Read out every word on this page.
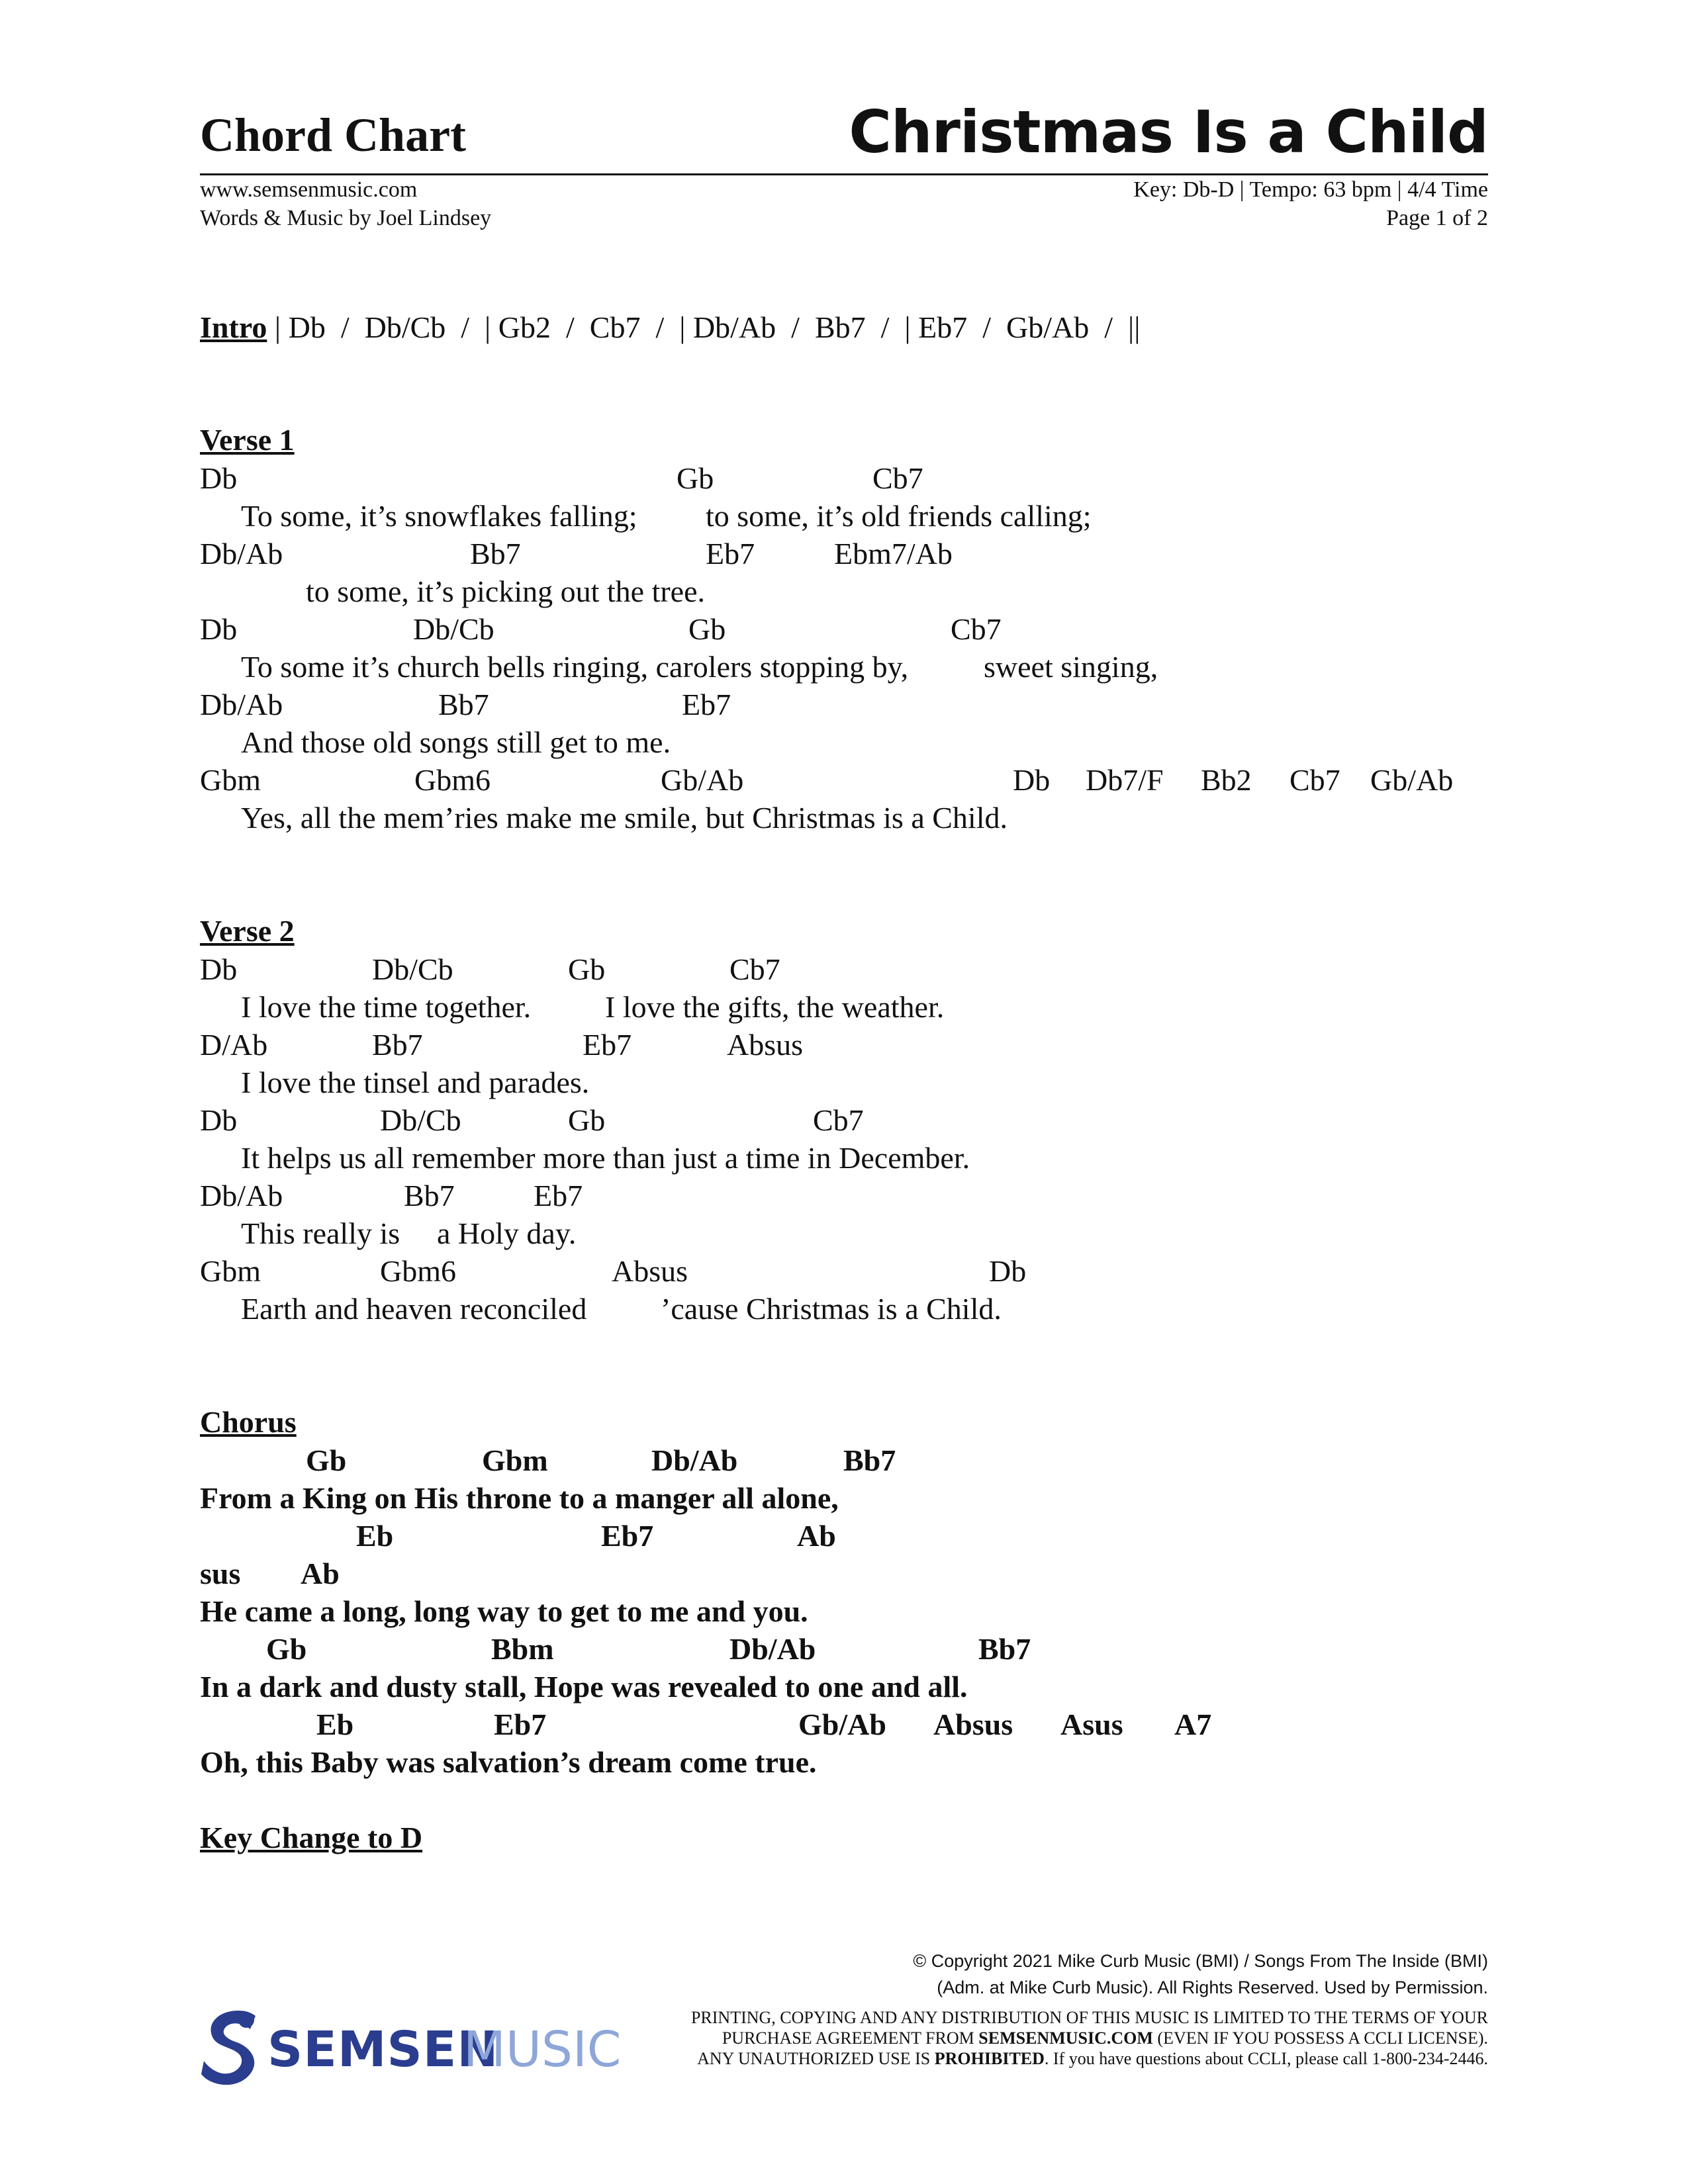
Chord Chart	Christmas Is a Child
www.semsenmusic.com
Words & Music by Joel Lindsey
Key: Db-D | Tempo: 63 bpm | 4/4 Time
Page 1 of 2
Intro | Db  /  Db/Cb  /  | Gb2  /  Cb7  /  | Db/Ab  /  Bb7  /  | Eb7  /  Gb/Ab  /  ||
Verse 1
Db	Gb	Cb7
To some, it’s snowflakes falling; to some, it’s old friends calling;
Db/Ab	Bb7	Eb7	Ebm7/Ab
to some, it’s picking out the tree.
Db	Db/Cb	Gb	Cb7
To some it’s church bells ringing, carolers stopping by, sweet singing,
Db/Ab	Bb7	Eb7
And those old songs still get to me.
Gbm	Gbm6	Gb/Ab	Db Db7/F Bb2 Cb7 Gb/Ab
Yes, all the mem’ries make me smile, but Christmas is a Child.
Verse 2
Db	Db/Cb	Gb	Cb7
I love the time together. I love the gifts, the weather.
D/Ab	Bb7	Eb7	Absus
I love the tinsel and parades.
Db	Db/Cb	Gb	Cb7
It helps us all remember more than just a time in December.
Db/Ab	Bb7	Eb7
This really is a Holy day.
Gbm	Gbm6	Absus	Db
Earth and heaven reconciled ’cause Christmas is a Child.
Chorus
Gb	Gbm	Db/Ab	Bb7
From a King on His throne to a manger all alone,
Eb	Eb7	Ab
sus Ab
He came a long, long way to get to me and you.
Gb	Bbm	Db/Ab	Bb7
In a dark and dusty stall, Hope was revealed to one and all.
Eb	Eb7	Gb/Ab Absus Asus A7
Oh, this Baby was salvation’s dream come true.
Key Change to D
© Copyright 2021 Mike Curb Music (BMI) / Songs From The Inside (BMI)
(Adm. at Mike Curb Music). All Rights Reserved. Used by Permission.
PRINTING, COPYING AND ANY DISTRIBUTION OF THIS MUSIC IS LIMITED TO THE TERMS OF YOUR
PURCHASE AGREEMENT FROM SEMSENMUSIC.COM (EVEN IF YOU POSSESS A CCLI LICENSE).
ANY UNAUTHORIZED USE IS PROHIBITED. If you have questions about CCLI, please call 1-800-234-2446.
SEMSEN
MUSIC
